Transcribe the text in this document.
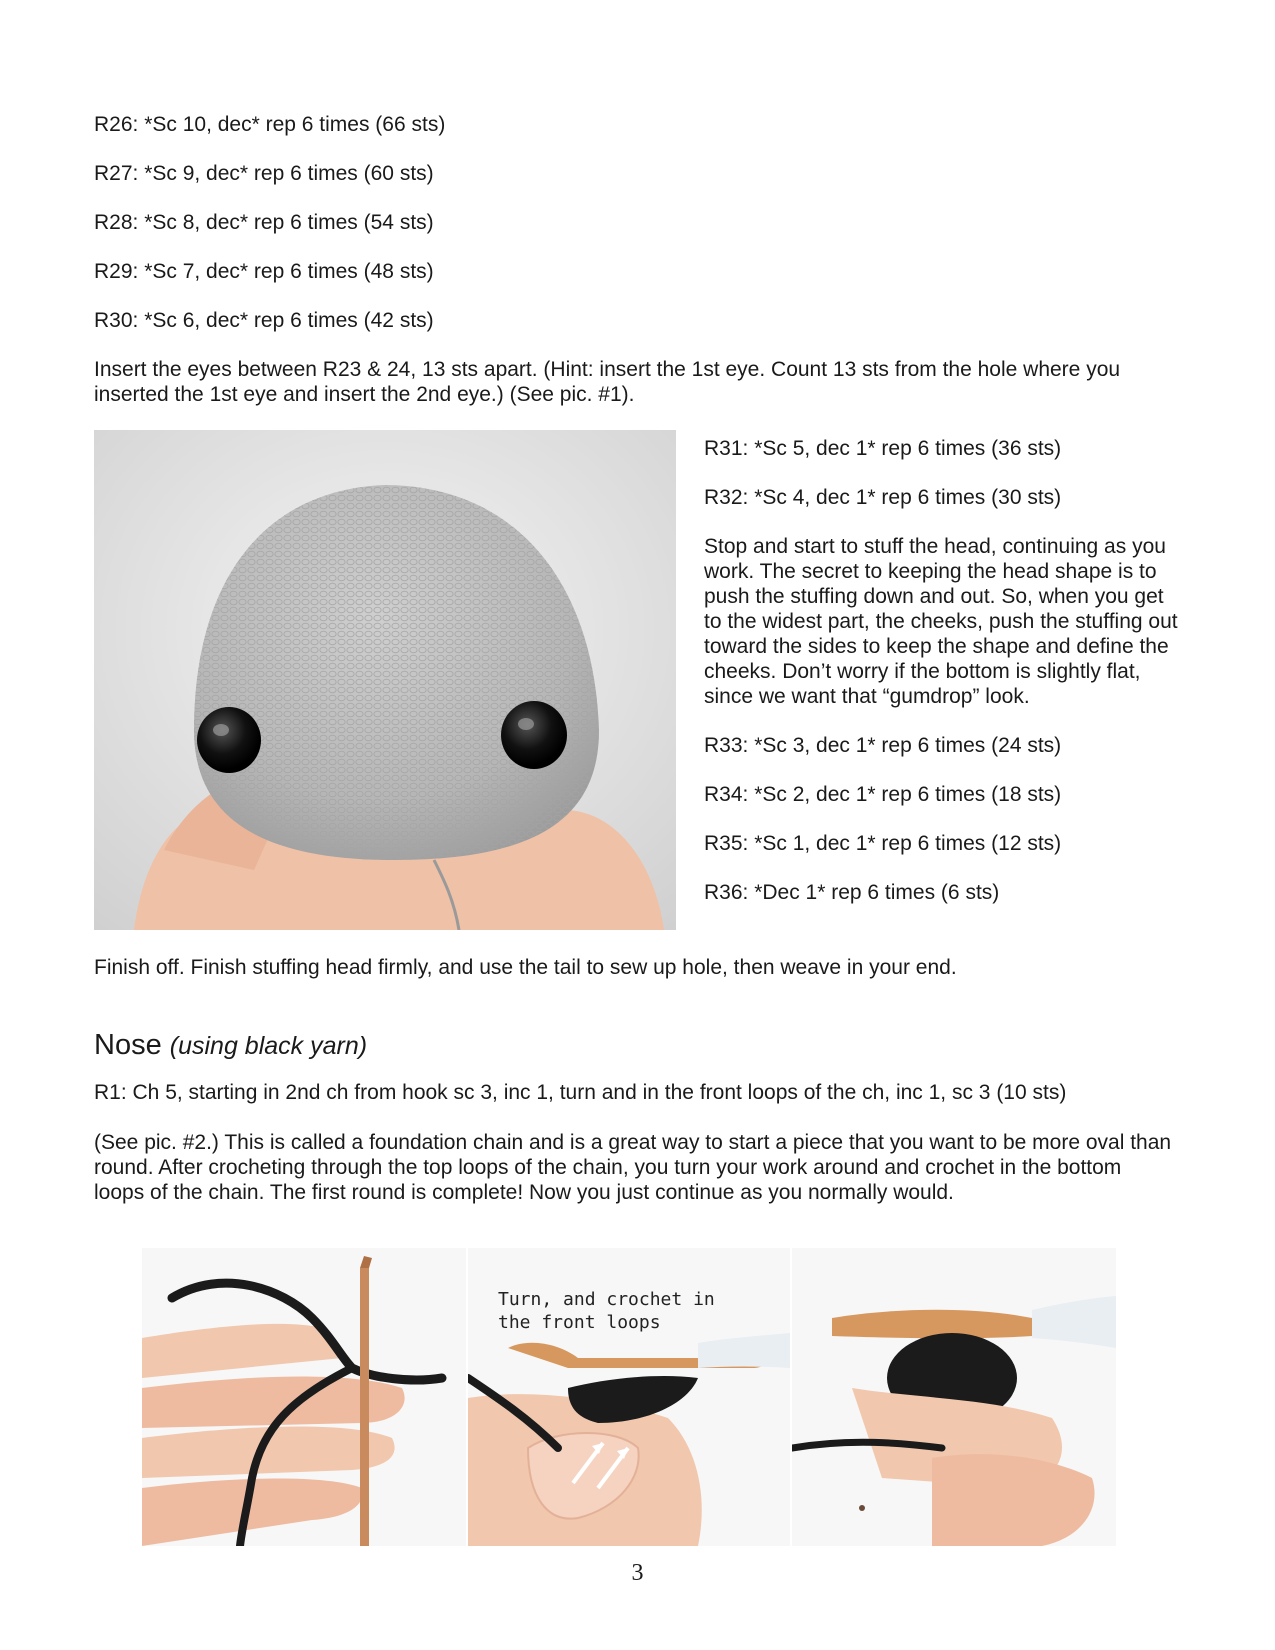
R26: *Sc 10, dec* rep 6 times (66 sts)
R27: *Sc 9, dec* rep 6 times (60 sts)
R28: *Sc 8, dec* rep 6 times (54 sts)
R29: *Sc 7, dec* rep 6 times (48 sts)
R30: *Sc 6, dec* rep 6 times (42 sts)
Insert the eyes between R23 & 24, 13 sts apart. (Hint: insert the 1st eye. Count 13 sts from the hole where you inserted the 1st eye and insert the 2nd eye.) (See pic. #1).

R31: *Sc 5, dec 1* rep 6 times (36 sts)

R32: *Sc 4, dec 1* rep 6 times (30 sts)

Stop and start to stuff the head, continuing as you work. The secret to keeping the head shape is to push the stuffing down and out. So, when you get to the widest part, the cheeks, push the stuffing out toward the sides to keep the shape and define the cheeks. Don’t worry if the bottom is slightly flat, since we want that “gumdrop” look.

R33: *Sc 3, dec 1* rep 6 times (24 sts)

R34: *Sc 2, dec 1* rep 6 times (18 sts)

R35: *Sc 1, dec 1* rep 6 times (12 sts)

R36: *Dec 1* rep 6 times (6 sts)

Finish off. Finish stuffing head firmly, and use the tail to sew up hole, then weave in your end.
Nose (using black yarn)
R1: Ch 5, starting in 2nd ch from hook sc 3, inc 1, turn and in the front loops of the ch, inc 1, sc 3 (10 sts)
(See pic. #2.) This is called a foundation chain and is a great way to start a piece that you want to be more oval than round. After crocheting through the top loops of the chain, you turn your work around and crochet in the bottom loops of the chain. The first round is complete! Now you just continue as you normally would.
Turn, and crochet in
the front loops
3
